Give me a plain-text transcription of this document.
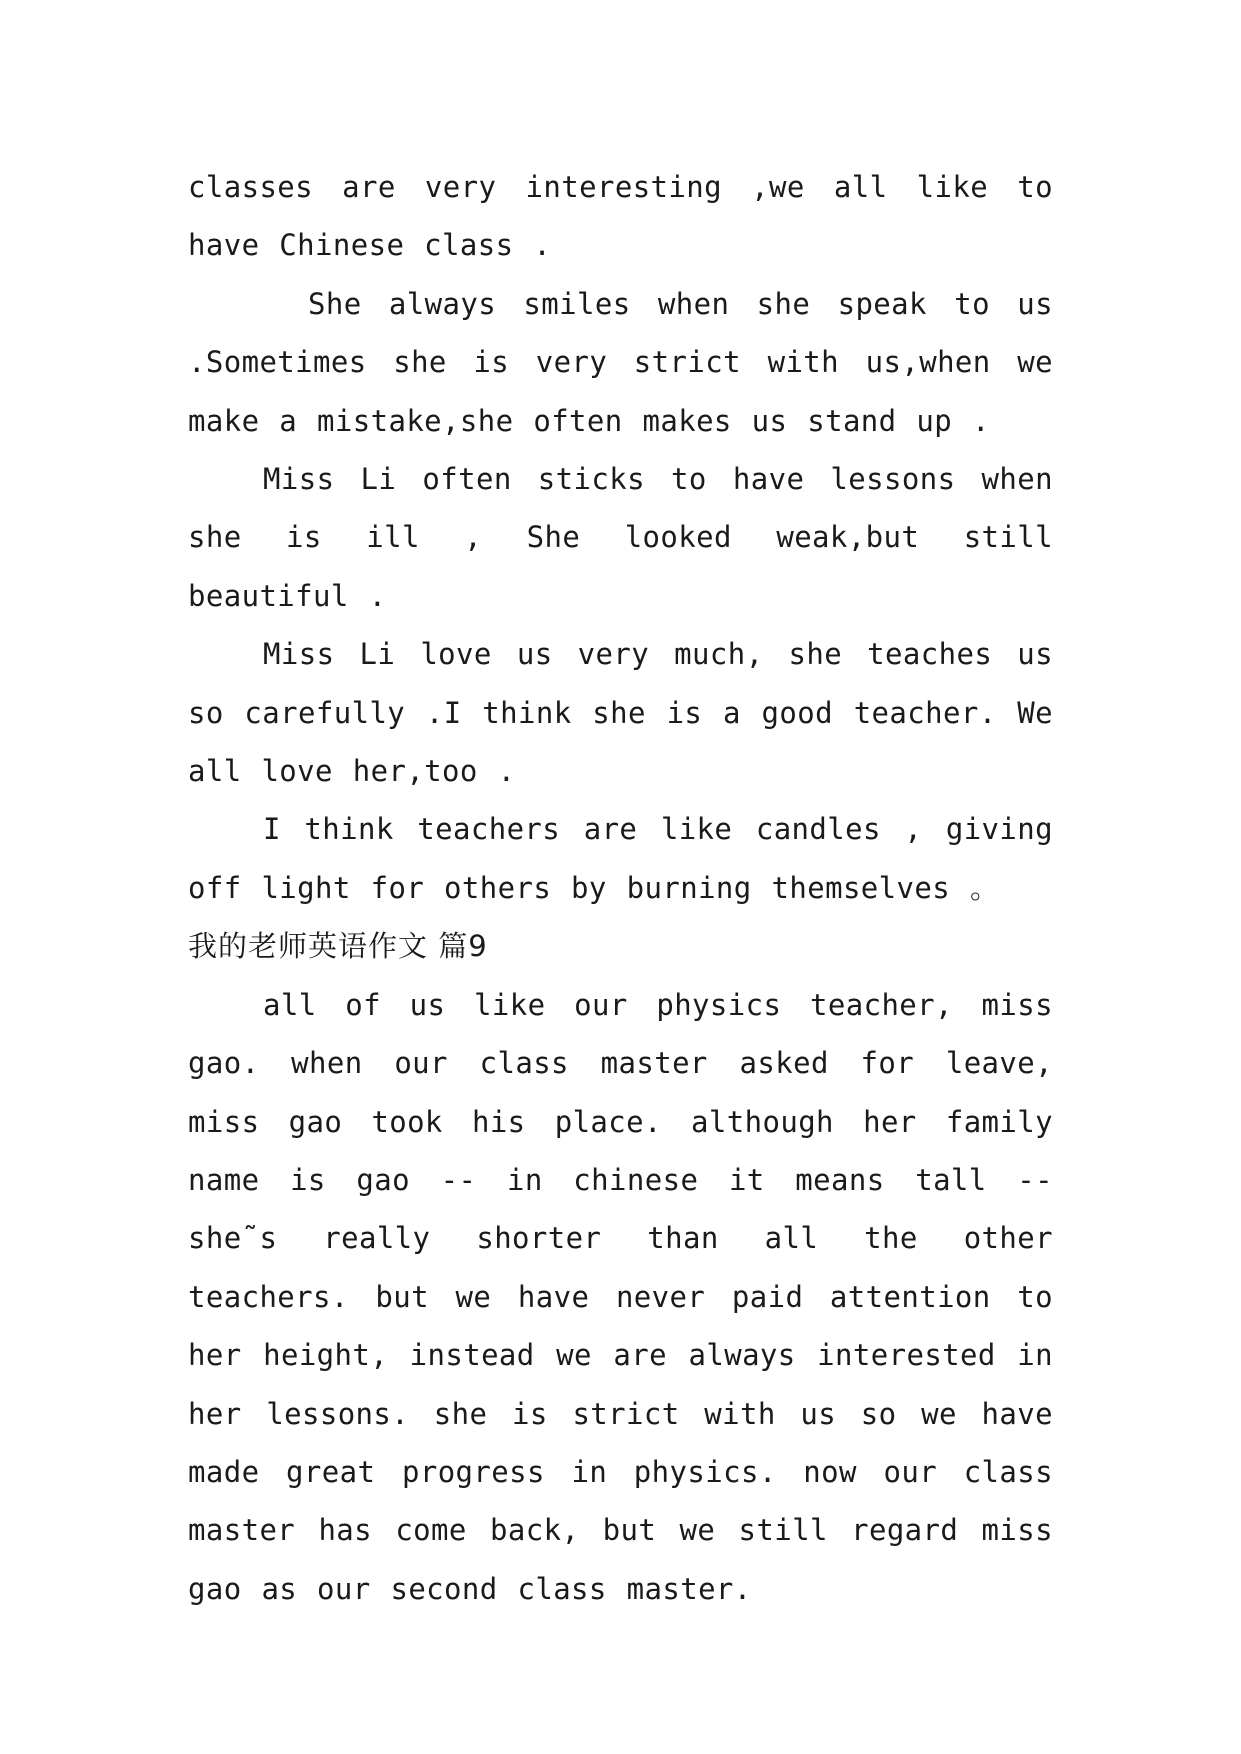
classes are very interesting ,we all like to have Chinese class .

She always smiles when she speak to us .Sometimes she is very strict with us,when we make a mistake,she often makes us stand up .

Miss Li often sticks to have lessons when she is ill , She looked weak,but still beautiful .

Miss Li love us very much, she teaches us so carefully .I think she is a good teacher. We all love her,too .

I think teachers are like candles , giving off light for others by burning themselves 。

我的老师英语作文 篇9

all of us like our physics teacher, miss gao. when our class master asked for leave, miss gao took his place. although her family name is gao -- in chinese it means tall -- she˜s really shorter than all the other teachers. but we have never paid attention to her height, instead we are always interested in her lessons. she is strict with us so we have made great progress in physics. now our class master has come back, but we still regard miss gao as our second class master.
